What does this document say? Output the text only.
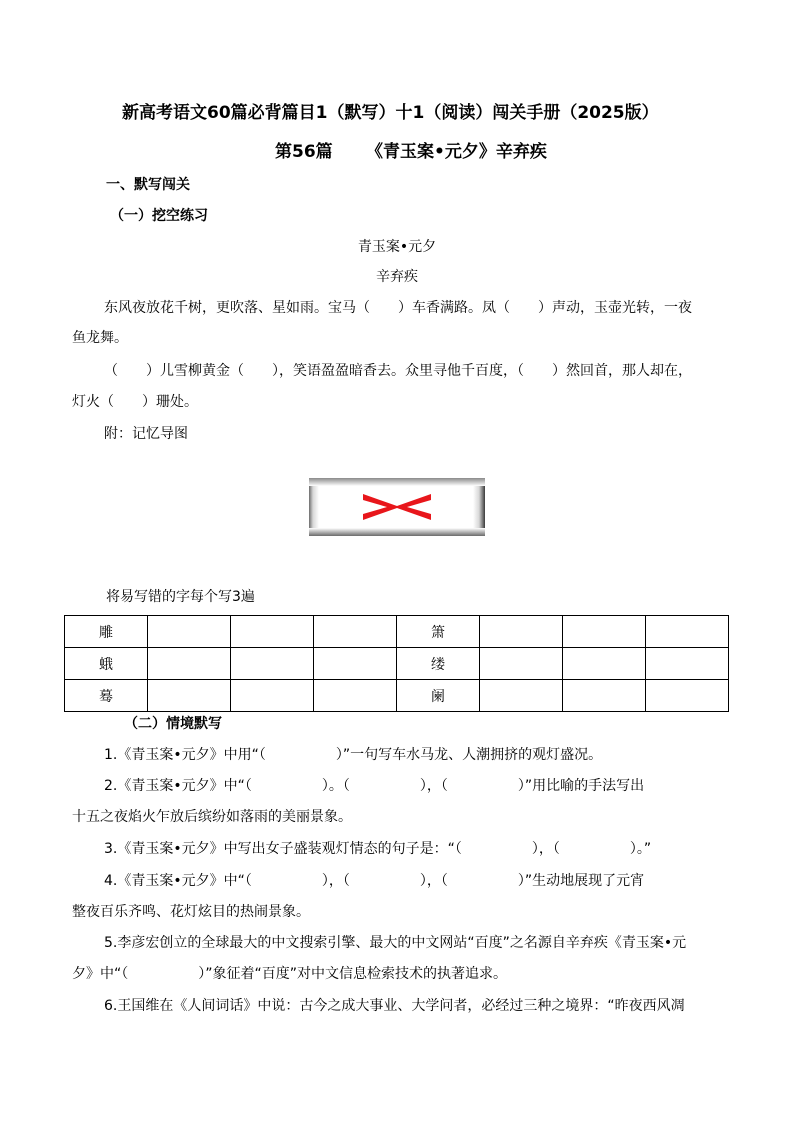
新高考语文60篇必背篇目1（默写）十1（阅读）闯关手册（2025版）
第56篇 《青玉案•元夕》辛弃疾
一、默写闯关
（一）挖空练习
青玉案•元夕
辛弃疾
东风夜放花千树，更吹落、星如雨。宝马（　　）车香满路。凤（　　）声动，玉壶光转，一夜
鱼龙舞。
（　　）儿雪柳黄金（　　），笑语盈盈暗香去。众里寻他千百度，（　　）然回首，那人却在，
灯火（　　）珊处。
附：记忆导图
将易写错的字每个写3遍
雕				箫			
蛾				缕			
蓦				阑			
（二）情境默写
1.《青玉案•元夕》中用“（　　　　　）”一句写车水马龙、人潮拥挤的观灯盛况。
2.《青玉案•元夕》中“（　　　　　）。（　　　　　），（　　　　　）”用比喻的手法写出
十五之夜焰火乍放后缤纷如落雨的美丽景象。
3.《青玉案•元夕》中写出女子盛装观灯情态的句子是：“（　　　　　），（　　　　　）。”
4.《青玉案•元夕》中“（　　　　　），（　　　　　），（　　　　　）”生动地展现了元宵
整夜百乐齐鸣、花灯炫目的热闹景象。
5.李彦宏创立的全球最大的中文搜索引擎、最大的中文网站“百度”之名源自辛弃疾《青玉案•元
夕》中“（　　　　　）”象征着“百度”对中文信息检索技术的执著追求。
6.王国维在《人间词话》中说：古今之成大事业、大学问者，必经过三种之境界：“昨夜西风凋
